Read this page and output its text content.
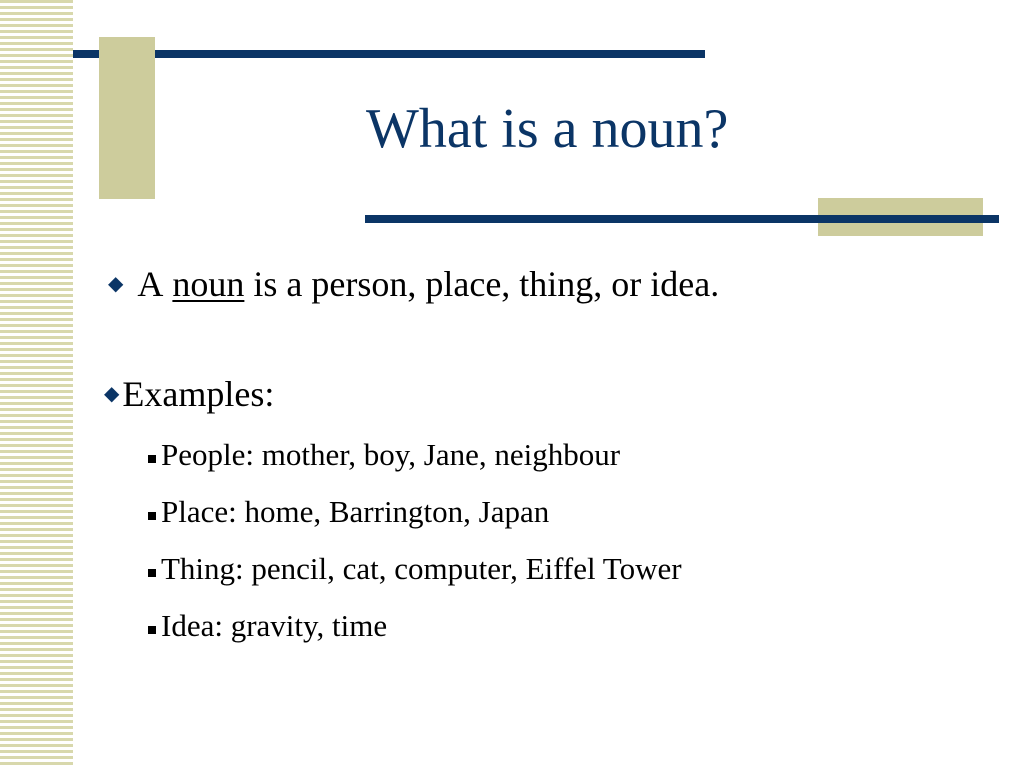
What is a noun?
◆ A
noun
is a person, place, thing, or idea.
◆ Examples:
People: mother, boy, Jane, neighbour
Place: home, Barrington, Japan
Thing: pencil, cat, computer, Eiffel Tower
Idea: gravity, time
